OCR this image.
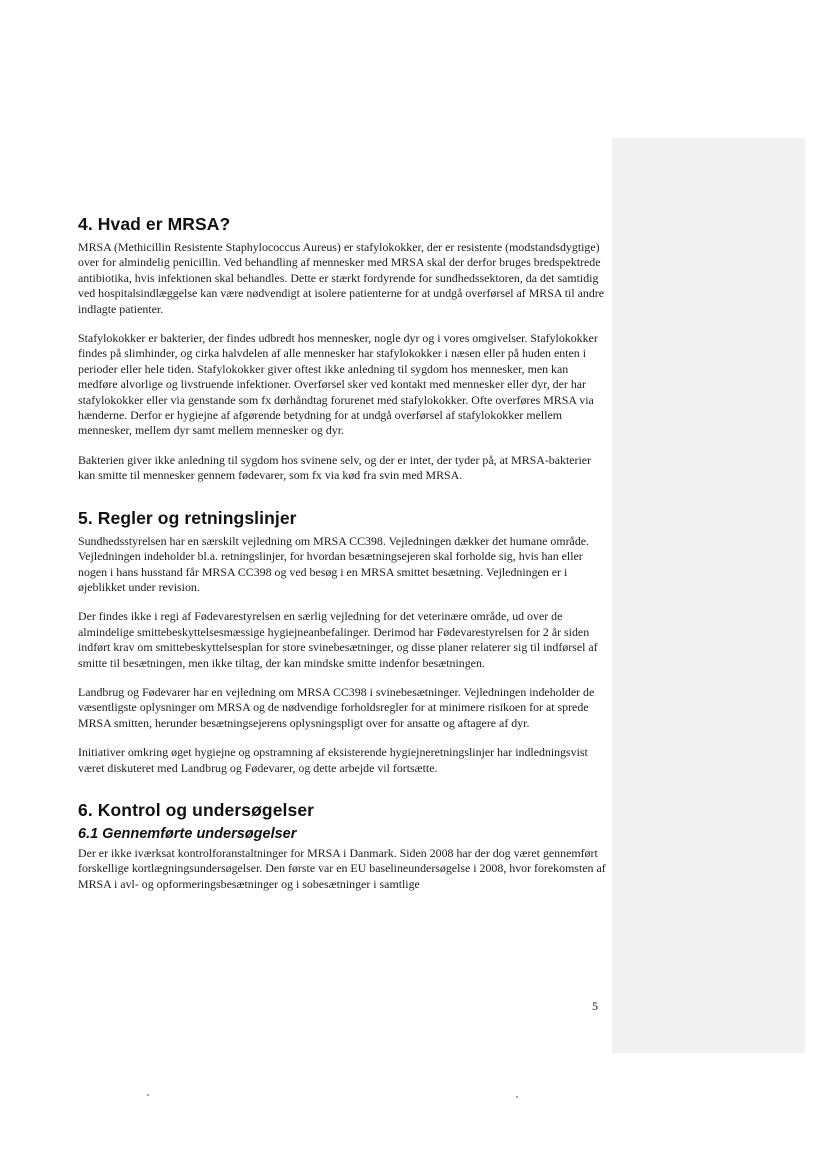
4. Hvad er MRSA?

MRSA (Methicillin Resistente Staphylococcus Aureus) er stafylokokker, der er resistente (modstandsdygtige) over for almindelig penicillin. Ved behandling af mennesker med MRSA skal der derfor bruges bredspektrede antibiotika, hvis infektionen skal behandles. Dette er stærkt fordyrende for sundhedssektoren, da det samtidig ved hospitalsindlæggelse kan være nødvendigt at isolere patienterne for at undgå overførsel af MRSA til andre indlagte patienter.

Stafylokokker er bakterier, der findes udbredt hos mennesker, nogle dyr og i vores omgivelser. Stafylokokker findes på slimhinder, og cirka halvdelen af alle mennesker har stafylokokker i næsen eller på huden enten i perioder eller hele tiden. Stafylokokker giver oftest ikke anledning til sygdom hos mennesker, men kan medføre alvorlige og livstruende infektioner. Overførsel sker ved kontakt med mennesker eller dyr, der har stafylokokker eller via genstande som fx dørhåndtag forurenet med stafylokokker. Ofte overføres MRSA via hænderne. Derfor er hygiejne af afgørende betydning for at undgå overførsel af stafylokokker mellem mennesker, mellem dyr samt mellem mennesker og dyr.

Bakterien giver ikke anledning til sygdom hos svinene selv, og der er intet, der tyder på, at MRSA-bakterier kan smitte til mennesker gennem fødevarer, som fx via kød fra svin med MRSA.

5. Regler og retningslinjer

Sundhedsstyrelsen har en særskilt vejledning om MRSA CC398. Vejledningen dækker det humane område. Vejledningen indeholder bl.a. retningslinjer, for hvordan besætningsejeren skal forholde sig, hvis han eller nogen i hans husstand får MRSA CC398 og ved besøg i en MRSA smittet besætning. Vejledningen er i øjeblikket under revision.

Der findes ikke i regi af Fødevarestyrelsen en særlig vejledning for det veterinære område, ud over de almindelige smittebeskyttelsesmæssige hygiejneanbefalinger. Derimod har Fødevarestyrelsen for 2 år siden indført krav om smittebeskyttelsesplan for store svinebesætninger, og disse planer relaterer sig til indførsel af smitte til besætningen, men ikke tiltag, der kan mindske smitte indenfor besætningen.

Landbrug og Fødevarer har en vejledning om MRSA CC398 i svinebesætninger. Vejledningen indeholder de væsentligste oplysninger om MRSA og de nødvendige forholdsregler for at minimere risikoen for at sprede MRSA smitten, herunder besætningsejerens oplysningspligt over for ansatte og aftagere af dyr.

Initiativer omkring øget hygiejne og opstramning af eksisterende hygiejneretningslinjer har indledningsvist været diskuteret med Landbrug og Fødevarer, og dette arbejde vil fortsætte.

6. Kontrol og undersøgelser
6.1 Gennemførte undersøgelser

Der er ikke iværksat kontrolforanstaltninger for MRSA i Danmark. Siden 2008 har der dog været gennemført forskellige kortlægningsundersøgelser. Den første var en EU baselineundersøgelse i 2008, hvor forekomsten af MRSA i avl- og opformeringsbesætninger og i sobesætninger i samtlige

5
